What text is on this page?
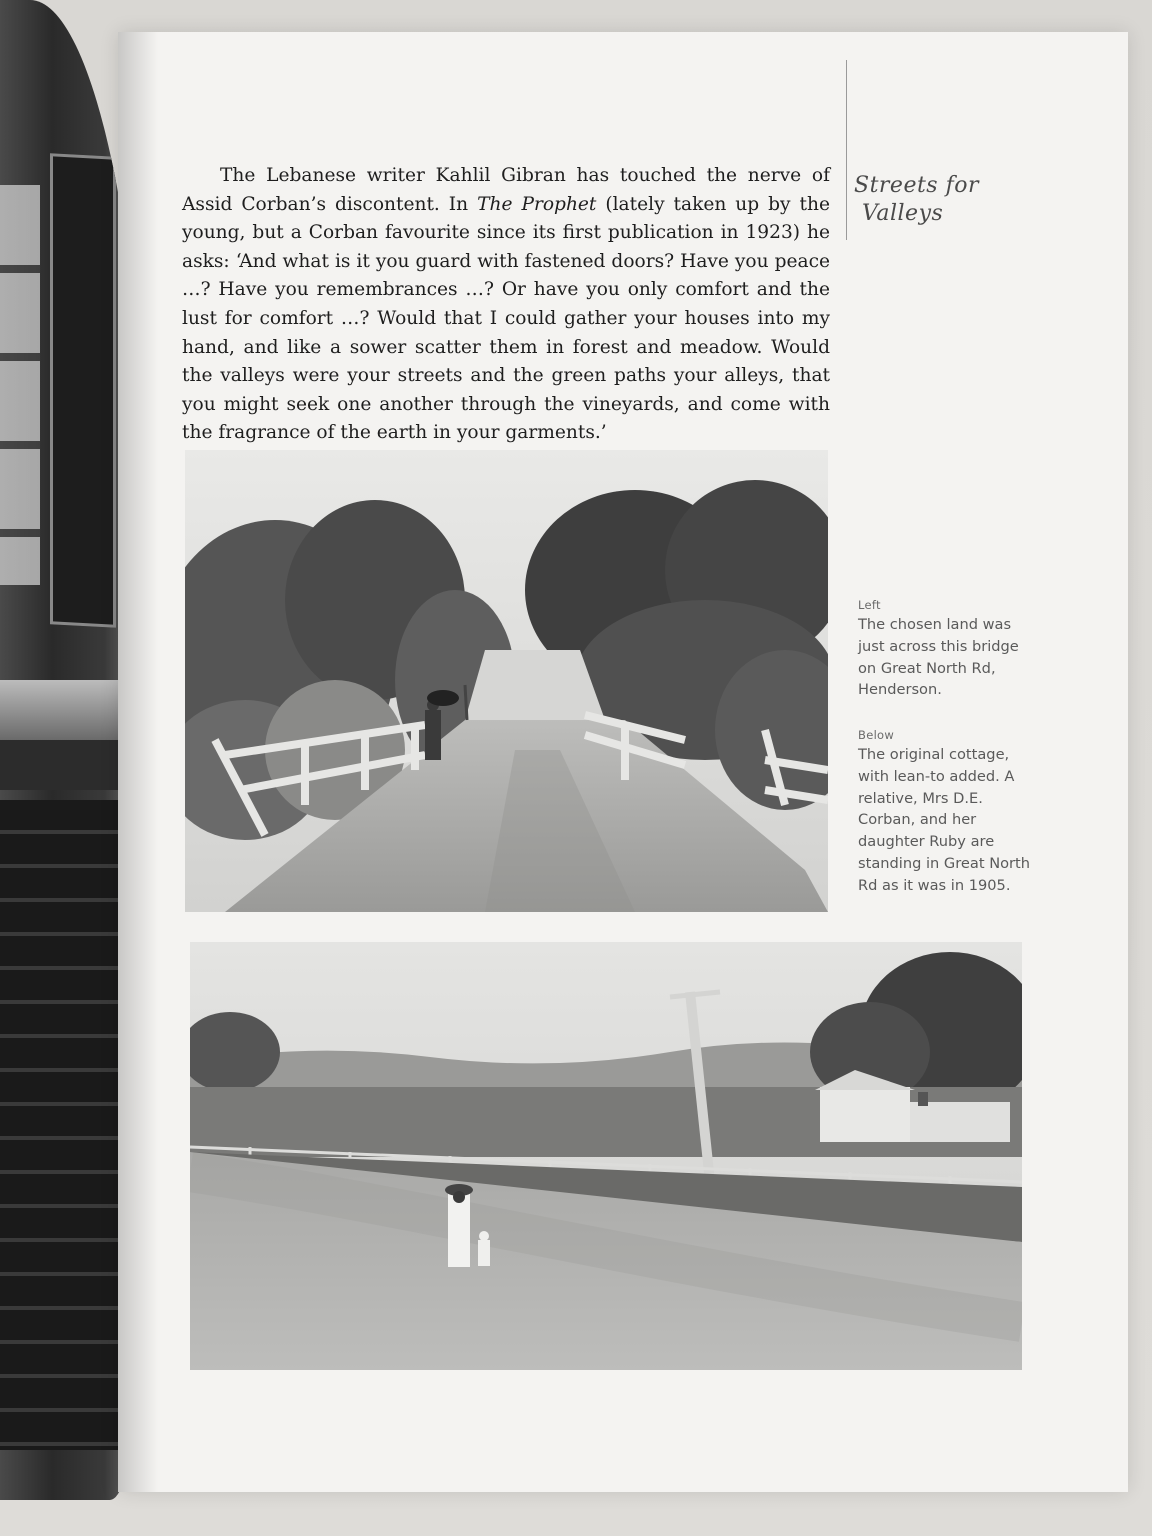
Streets for
Valleys

The Lebanese writer Kahlil Gibran has touched the nerve of Assid Corban’s discontent. In The Prophet (lately taken up by the young, but a Corban favourite since its first publication in 1923) he asks: ‘And what is it you guard with fastened doors? Have you peace …? Have you remembrances …? Or have you only comfort and the lust for comfort …? Would that I could gather your houses into my hand, and like a sower scatter them in forest and meadow. Would the valleys were your streets and the green paths your alleys, that you might seek one another through the vineyards, and come with the fragrance of the earth in your garments.’

Left
The chosen land was just across this bridge on Great North Rd, Henderson.
Below
The original cottage, with lean-to added. A relative, Mrs D.E. Corban, and her daughter Ruby are standing in Great North Rd as it was in 1905.
